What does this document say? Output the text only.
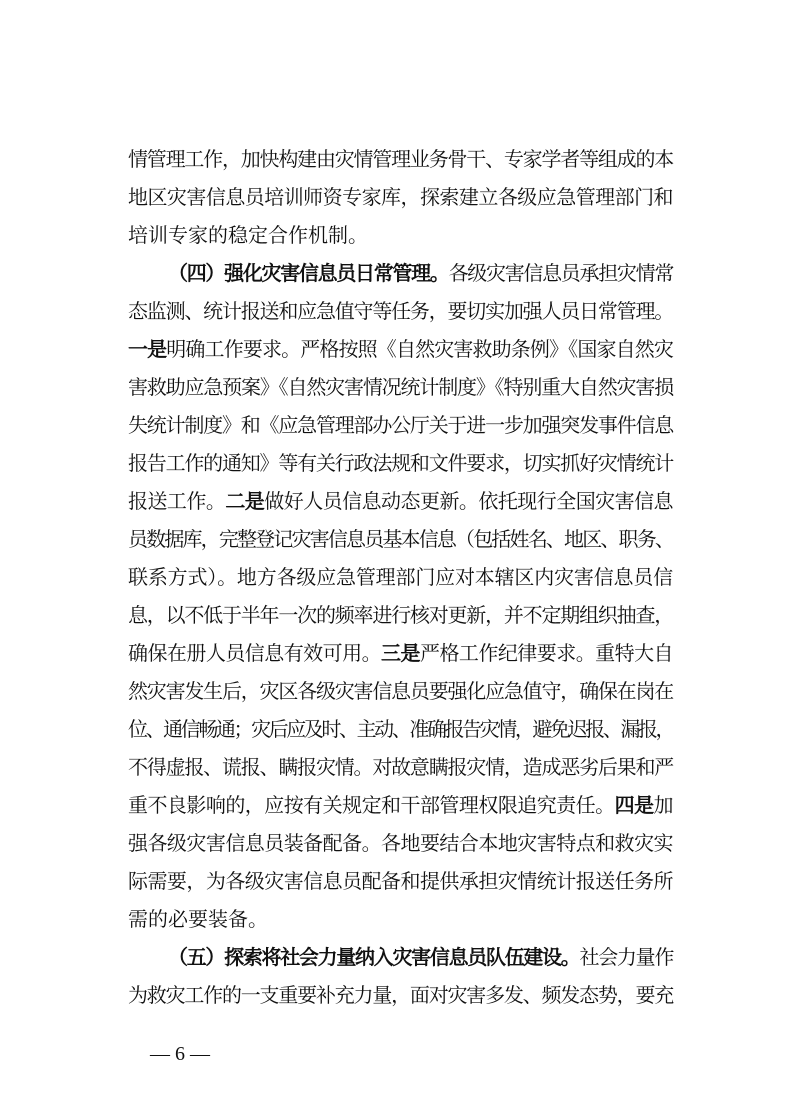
情管理工作，加快构建由灾情管理业务骨干、专家学者等组成的本
地区灾害信息员培训师资专家库，探索建立各级应急管理部门和
培训专家的稳定合作机制。
（四）强化灾害信息员日常管理。各级灾害信息员承担灾情常
态监测、统计报送和应急值守等任务，要切实加强人员日常管理。
一是明确工作要求。严格按照《自然灾害救助条例》《国家自然灾
害救助应急预案》《自然灾害情况统计制度》《特别重大自然灾害损
失统计制度》和《应急管理部办公厅关于进一步加强突发事件信息
报告工作的通知》等有关行政法规和文件要求，切实抓好灾情统计
报送工作。二是做好人员信息动态更新。依托现行全国灾害信息
员数据库，完整登记灾害信息员基本信息（包括姓名、地区、职务、
联系方式）。地方各级应急管理部门应对本辖区内灾害信息员信
息，以不低于半年一次的频率进行核对更新，并不定期组织抽查，
确保在册人员信息有效可用。三是严格工作纪律要求。重特大自
然灾害发生后，灾区各级灾害信息员要强化应急值守，确保在岗在
位、通信畅通；灾后应及时、主动、准确报告灾情，避免迟报、漏报，
不得虚报、谎报、瞒报灾情。对故意瞒报灾情，造成恶劣后果和严
重不良影响的，应按有关规定和干部管理权限追究责任。四是加
强各级灾害信息员装备配备。各地要结合本地灾害特点和救灾实
际需要，为各级灾害信息员配备和提供承担灾情统计报送任务所
需的必要装备。
（五）探索将社会力量纳入灾害信息员队伍建设。社会力量作
为救灾工作的一支重要补充力量，面对灾害多发、频发态势，要充
— 6 —
